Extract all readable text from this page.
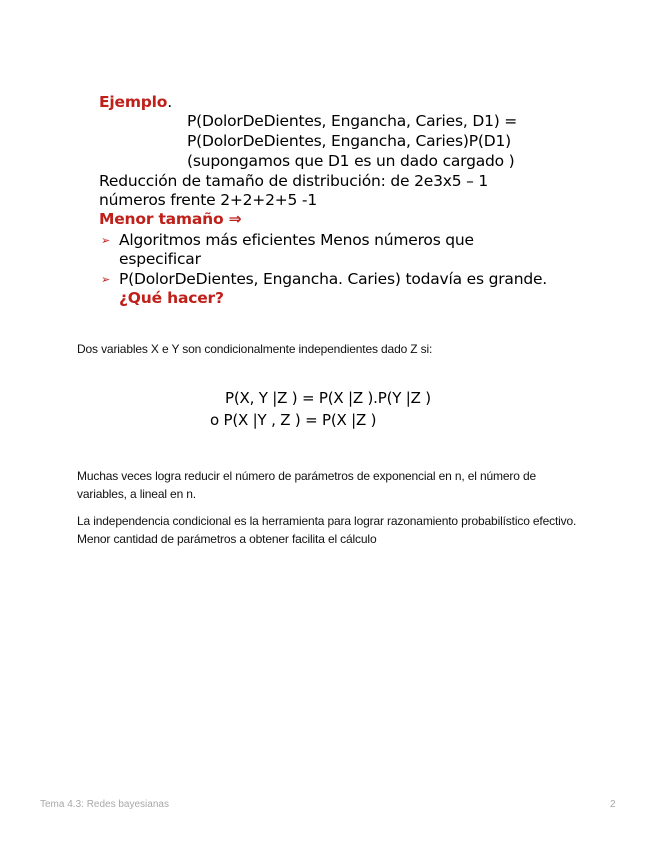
Ejemplo.
P(DolorDeDientes, Engancha, Caries, D1) =
P(DolorDeDientes, Engancha, Caries)P(D1)
(supongamos que D1 es un dado cargado )
Reducción de tamaño de distribución: de 2e3x5 – 1
números frente 2+2+2+5 -1
Menor tamaño ⇒
➢ Algoritmos más eficientes Menos números que
especificar
➢ P(DolorDeDientes, Engancha. Caries) todavía es grande.
¿Qué hacer?
Dos variables X e Y son condicionalmente independientes dado Z si:
P(X, Y |Z ) = P(X |Z ).P(Y |Z )
o P(X |Y , Z ) = P(X |Z )
Muchas veces logra reducir el número de parámetros de exponencial en n, el número de variables, a lineal en n.
La independencia condicional es la herramienta para lograr razonamiento probabilístico efectivo. Menor cantidad de parámetros a obtener facilita el cálculo
Tema 4.3: Redes bayesianas	2
